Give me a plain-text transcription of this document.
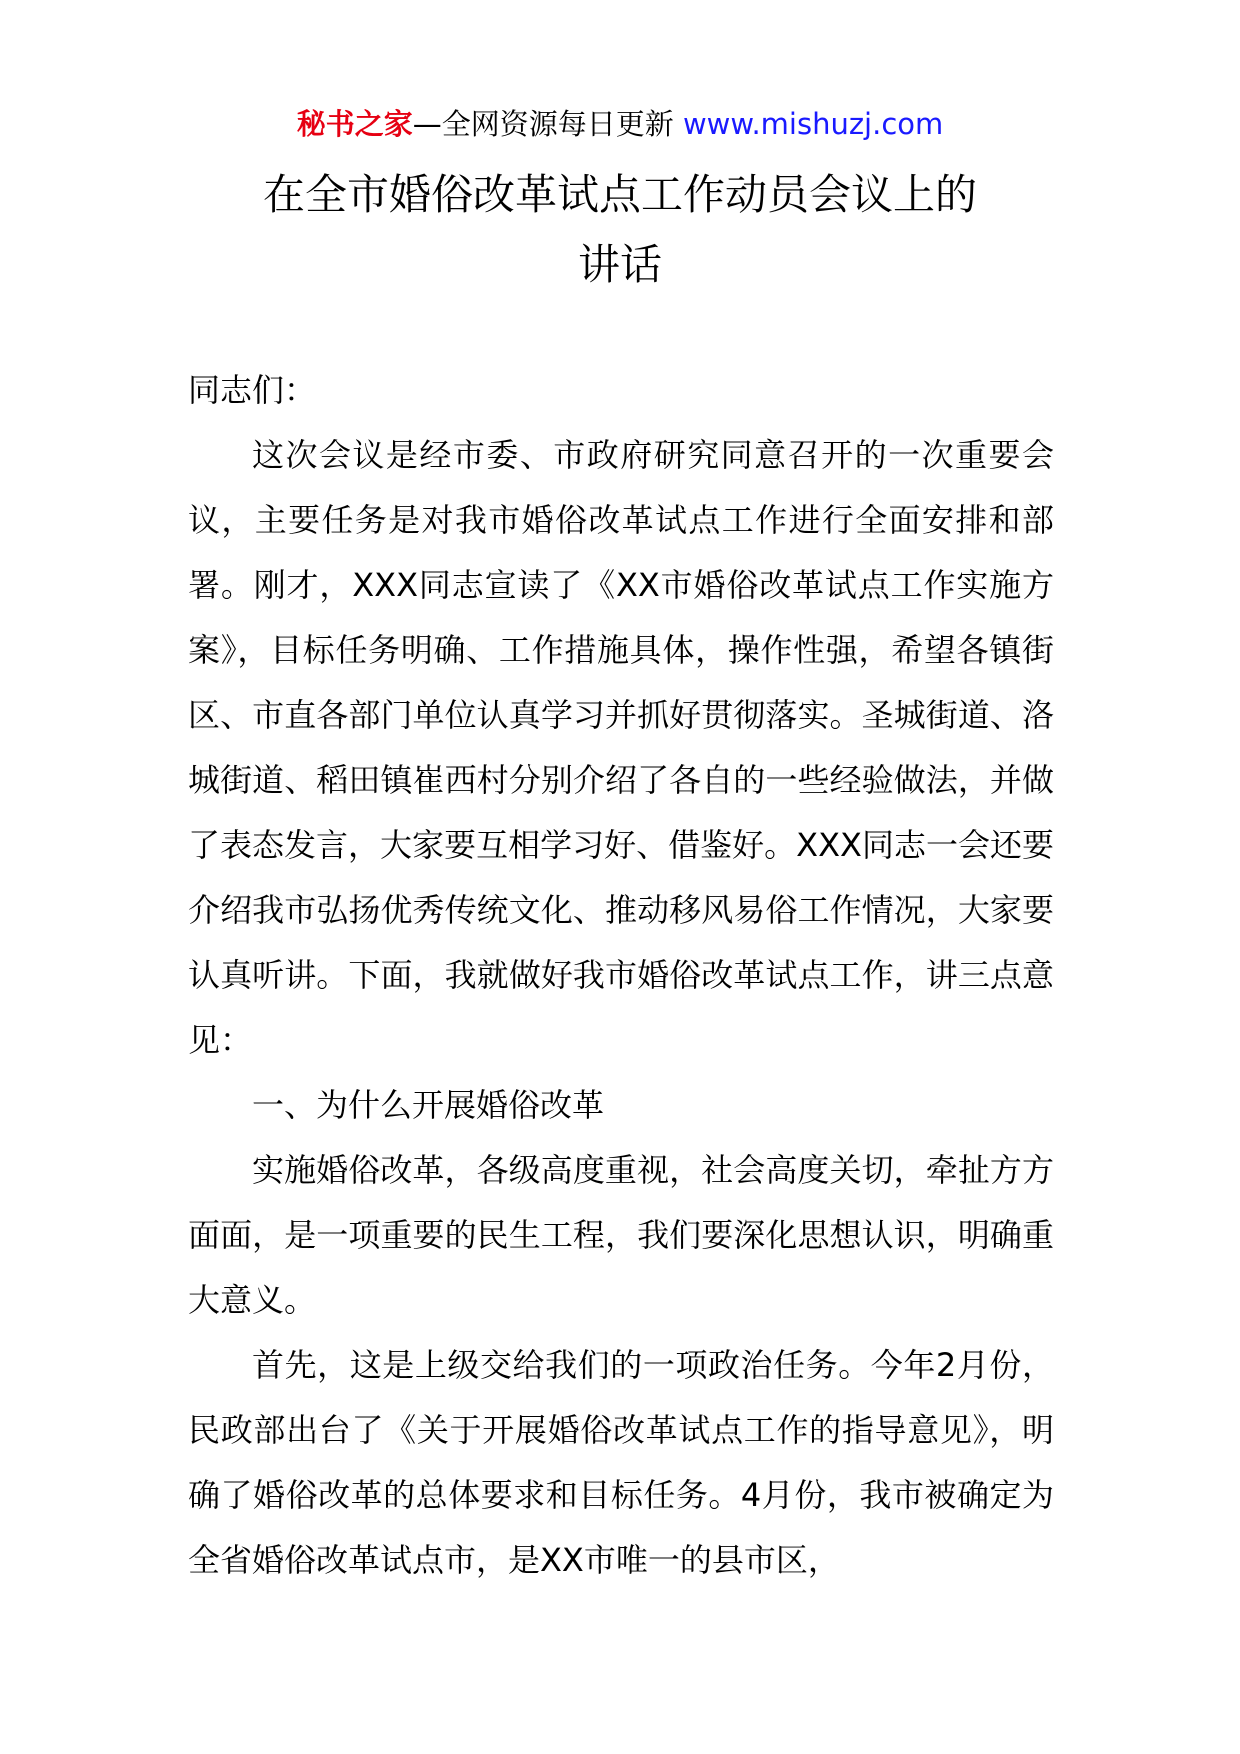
秘书之家—全网资源每日更新 www.mishuzj.com
在全市婚俗改革试点工作动员会议上的
讲话

同志们：

这次会议是经市委、市政府研究同意召开的一次重要会议，主要任务是对我市婚俗改革试点工作进行全面安排和部署。刚才，XXX同志宣读了《XX市婚俗改革试点工作实施方案》，目标任务明确、工作措施具体，操作性强，希望各镇街区、市直各部门单位认真学习并抓好贯彻落实。圣城街道、洛城街道、稻田镇崔西村分别介绍了各自的一些经验做法，并做了表态发言，大家要互相学习好、借鉴好。XXX同志一会还要介绍我市弘扬优秀传统文化、推动移风易俗工作情况，大家要认真听讲。下面，我就做好我市婚俗改革试点工作，讲三点意见：

一、为什么开展婚俗改革

实施婚俗改革，各级高度重视，社会高度关切，牵扯方方面面，是一项重要的民生工程，我们要深化思想认识，明确重大意义。

首先，这是上级交给我们的一项政治任务。今年2月份，民政部出台了《关于开展婚俗改革试点工作的指导意见》，明确了婚俗改革的总体要求和目标任务。4月份，我市被确定为全省婚俗改革试点市，是XX市唯一的县市区，
